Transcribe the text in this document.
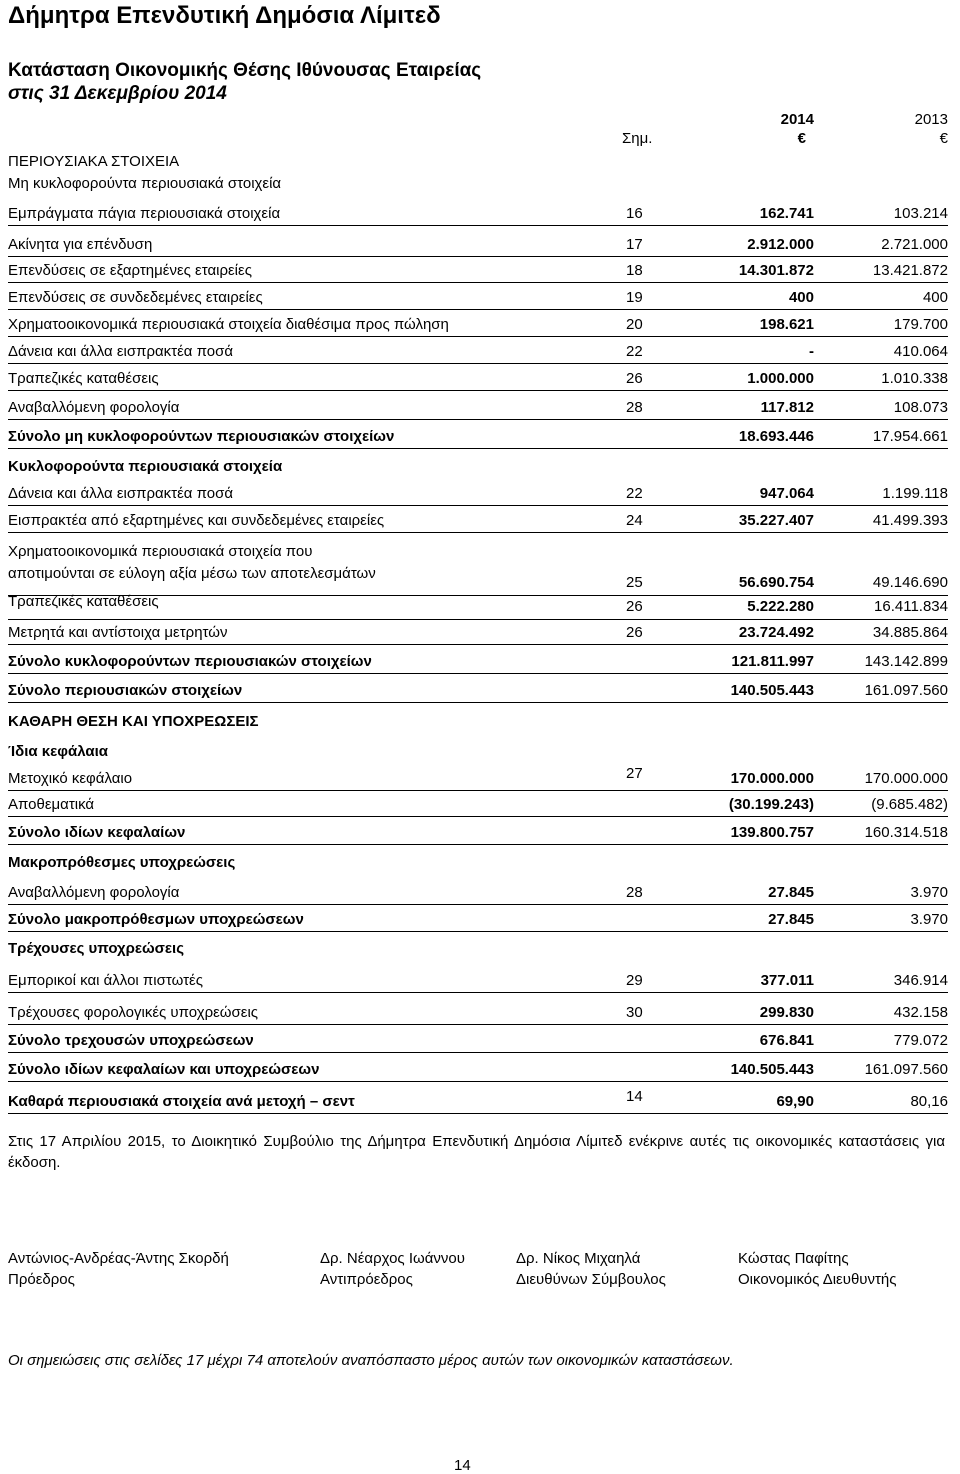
Δήμητρα Επενδυτική Δημόσια Λίμιτεδ
Κατάσταση Οικονομικής Θέσης Ιθύνουσας Εταιρείας
στις 31 Δεκεμβρίου 2014
Σημ.
2014
€
2013
€
ΠΕΡΙΟΥΣΙΑΚΑ ΣΤΟΙΧΕΙΑ
Μη κυκλοφορούντα περιουσιακά στοιχεία
Εμπράγματα πάγια περιουσιακά στοιχεία	16	162.741	103.214
Ακίνητα για επένδυση	17	2.912.000	2.721.000
Επενδύσεις σε εξαρτημένες εταιρείες	18	14.301.872	13.421.872
Επενδύσεις σε συνδεδεμένες εταιρείες	19	400	400
Χρηματοοικονομικά περιουσιακά στοιχεία διαθέσιμα προς πώληση	20	198.621	179.700
Δάνεια και άλλα εισπρακτέα ποσά	22	-	410.064
Τραπεζικές καταθέσεις	26	1.000.000	1.010.338
Αναβαλλόμενη φορολογία	28	117.812	108.073
Σύνολο μη κυκλοφορούντων περιουσιακών στοιχείων	18.693.446	17.954.661
Κυκλοφορούντα περιουσιακά στοιχεία
Δάνεια και άλλα εισπρακτέα ποσά	22	947.064	1.199.118
Εισπρακτέα από εξαρτημένες και συνδεδεμένες εταιρείες	24	35.227.407	41.499.393
Χρηματοοικονομικά περιουσιακά στοιχεία που
αποτιμούνται σε εύλογη αξία μέσω των αποτελεσμάτων
25	56.690.754	49.146.690
Τραπεζικές καταθέσεις	26	5.222.280	16.411.834
Μετρητά και αντίστοιχα μετρητών	26	23.724.492	34.885.864
Σύνολο κυκλοφορούντων περιουσιακών στοιχείων	121.811.997	143.142.899
Σύνολο περιουσιακών στοιχείων	140.505.443	161.097.560
ΚΑΘΑΡΗ ΘΕΣΗ ΚΑΙ ΥΠΟΧΡΕΩΣΕΙΣ
Ίδια κεφάλαια
Μετοχικό κεφάλαιο	27	170.000.000	170.000.000
Αποθεματικά	(30.199.243)	(9.685.482)
Σύνολο ιδίων κεφαλαίων	139.800.757	160.314.518
Μακροπρόθεσμες υποχρεώσεις
Αναβαλλόμενη φορολογία	28	27.845	3.970
Σύνολο μακροπρόθεσμων υποχρεώσεων	27.845	3.970
Τρέχουσες υποχρεώσεις
Εμπορικοί και άλλοι πιστωτές	29	377.011	346.914
Τρέχουσες φορολογικές υποχρεώσεις	30	299.830	432.158
Σύνολο τρεχουσών υποχρεώσεων	676.841	779.072
Σύνολο ιδίων κεφαλαίων και υποχρεώσεων	140.505.443	161.097.560
Καθαρά περιουσιακά στοιχεία ανά μετοχή – σεντ	14	69,90	80,16
Στις 17 Απριλίου 2015, το Διοικητικό Συμβούλιο της Δήμητρα Επενδυτική Δημόσια Λίμιτεδ ενέκρινε αυτές τις οικονομικές καταστάσεις για έκδοση.
Αντώνιος-Ανδρέας-Άντης Σκορδή
Πρόεδρος
Δρ. Νέαρχος Ιωάννου
Αντιπρόεδρος
Δρ. Νίκος Μιχαηλά
Διευθύνων Σύμβουλος
Κώστας Παφίτης
Οικονομικός Διευθυντής
Οι σημειώσεις στις σελίδες 17 μέχρι 74 αποτελούν αναπόσπαστο μέρος αυτών των οικονομικών καταστάσεων.
14
